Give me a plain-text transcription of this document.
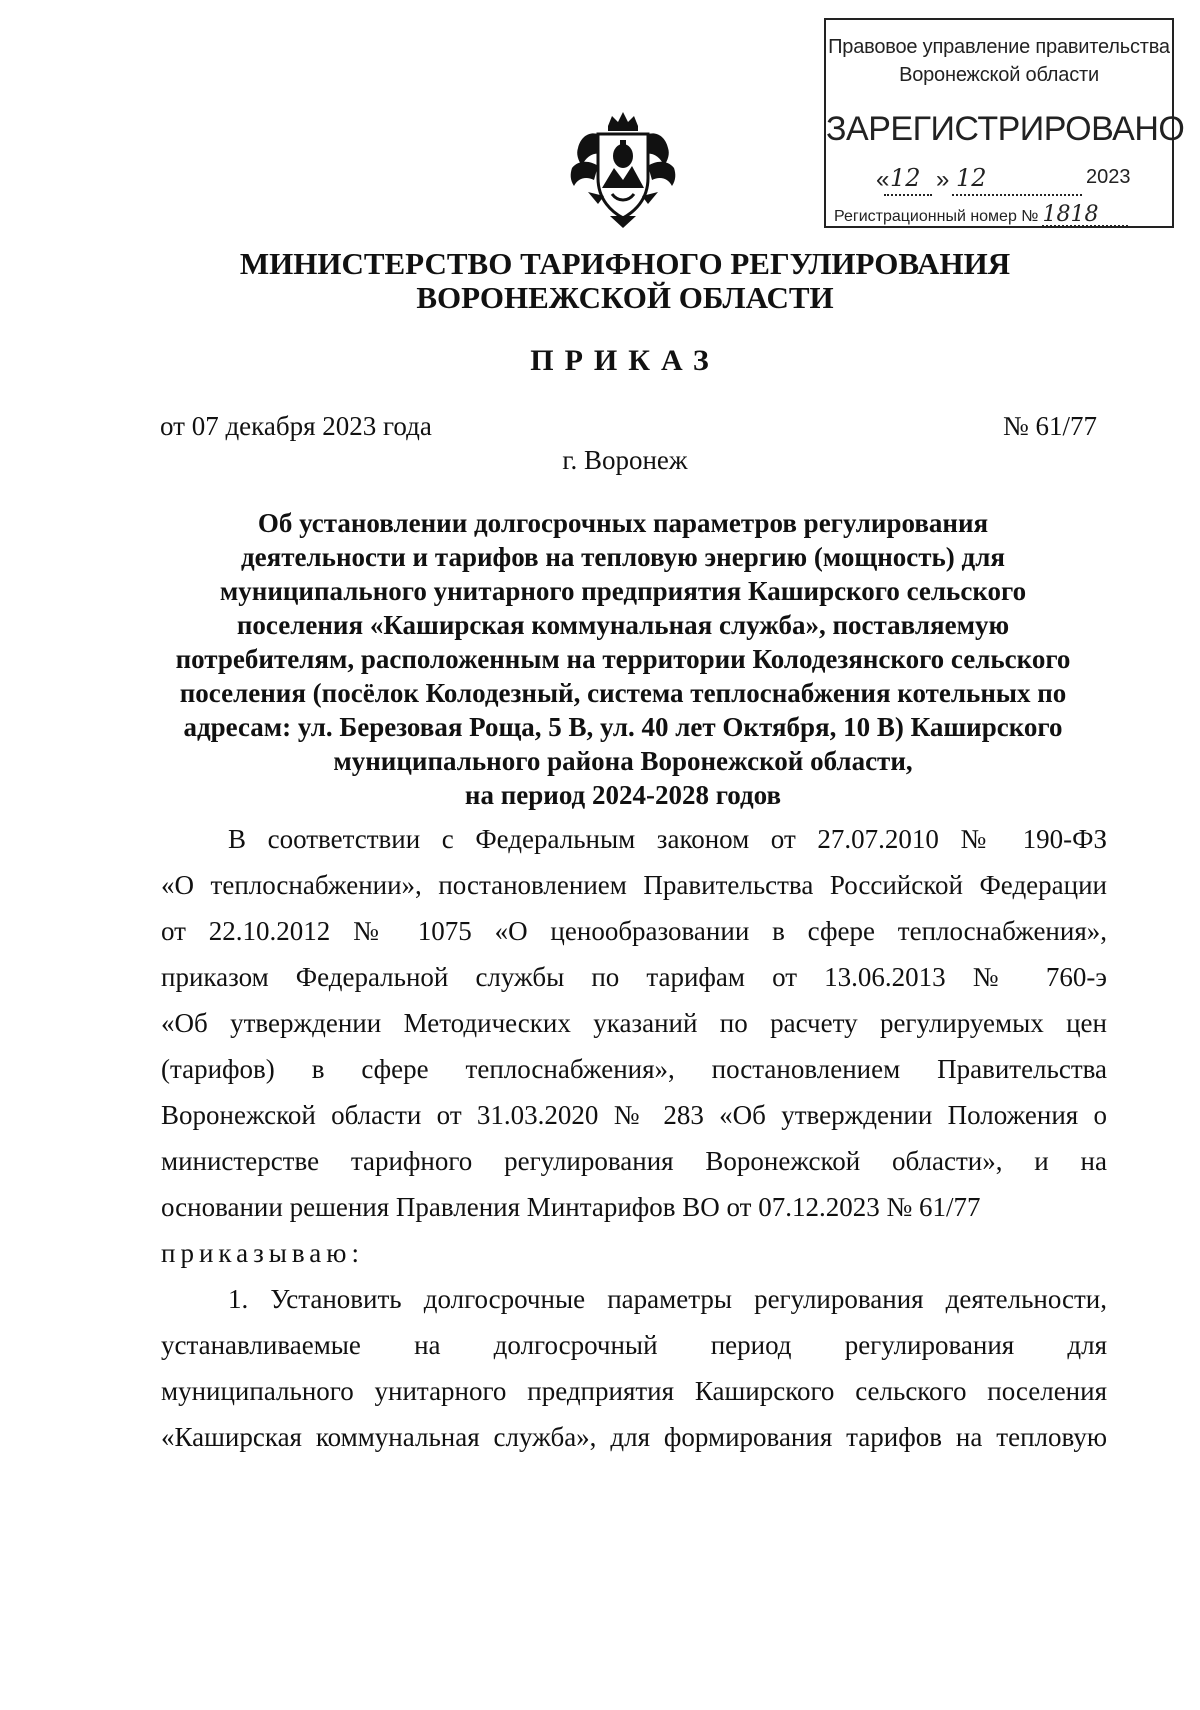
Правовое управление правительства
Воронежской области
ЗАРЕГИСТРИРОВАНО
« 12 » 12	2023
Регистрационный номер № 1818
МИНИСТЕРСТВО ТАРИФНОГО РЕГУЛИРОВАНИЯ
ВОРОНЕЖСКОЙ ОБЛАСТИ
ПРИКАЗ
от 07 декабря 2023 года	№ 61/77
г. Воронеж
Об установлении долгосрочных параметров регулирования
деятельности и тарифов на тепловую энергию (мощность) для
муниципального унитарного предприятия Каширского сельского
поселения «Каширская коммунальная служба», поставляемую
потребителям, расположенным на территории Колодезянского сельского
поселения (посёлок Колодезный, система теплоснабжения котельных по
адресам: ул. Березовая Роща, 5 В, ул. 40 лет Октября, 10 В) Каширского
муниципального района Воронежской области,
на период 2024-2028 годов
В соответствии с Федеральным законом от 27.07.2010 № 190-ФЗ
«О теплоснабжении», постановлением Правительства Российской Федерации
от 22.10.2012 № 1075 «О ценообразовании в сфере теплоснабжения»,
приказом Федеральной службы по тарифам от 13.06.2013 № 760-э
«Об утверждении Методических указаний по расчету регулируемых цен
(тарифов) в сфере теплоснабжения», постановлением Правительства
Воронежской области от 31.03.2020 № 283 «Об утверждении Положения о
министерстве тарифного регулирования Воронежской области», и на
основании решения Правления Минтарифов ВО от 07.12.2023 № 61/77
приказываю:
1. Установить долгосрочные параметры регулирования деятельности,
устанавливаемые на долгосрочный период регулирования для
муниципального унитарного предприятия Каширского сельского поселения
«Каширская коммунальная служба», для формирования тарифов на тепловую
